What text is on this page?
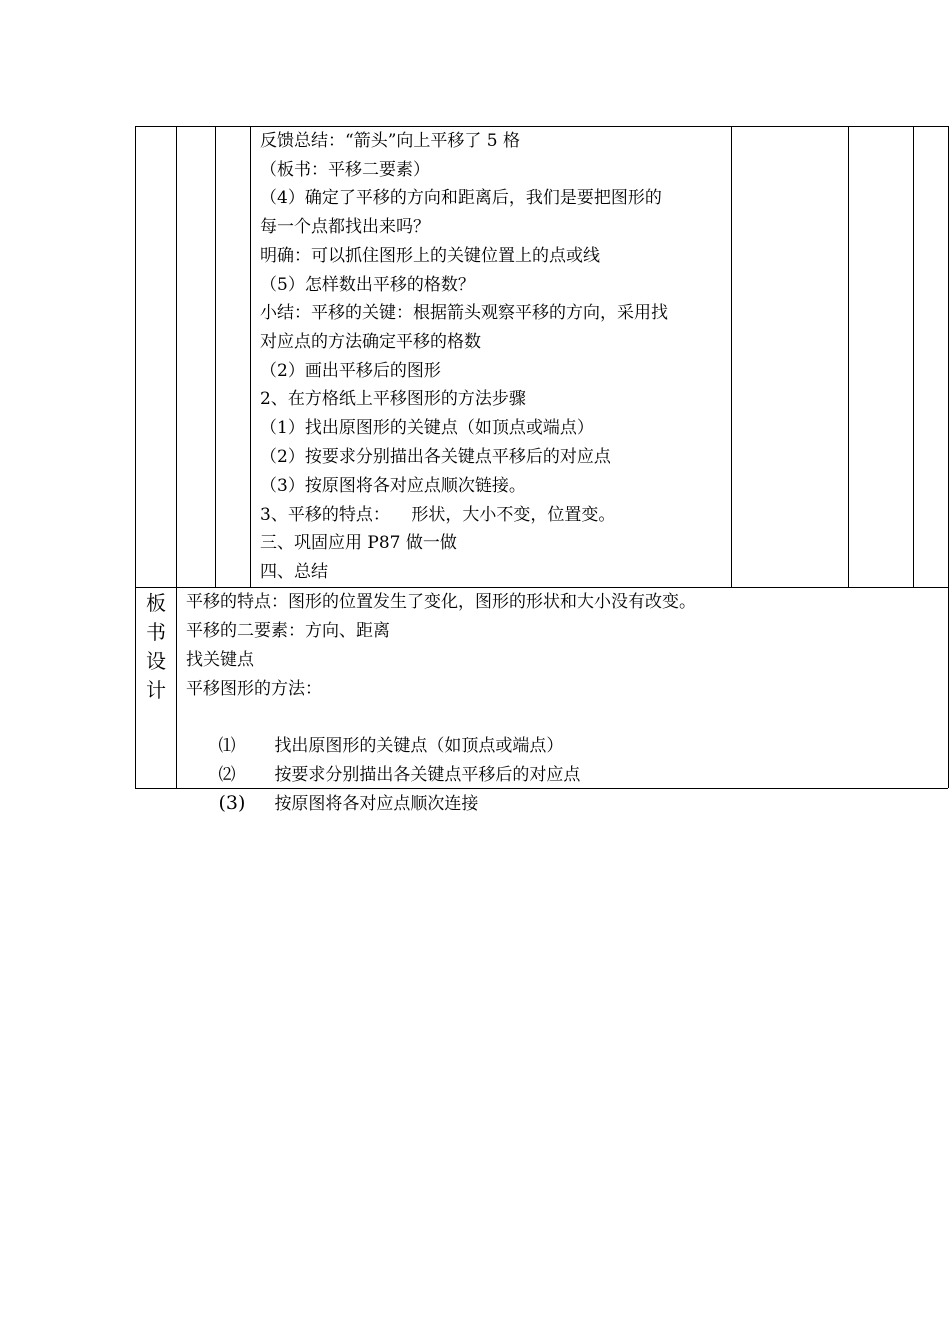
反馈总结：“箭头”向上平移了 5 格
（板书：平移二要素）
（4）确定了平移的方向和距离后，我们是要把图形的
每一个点都找出来吗？
明确：可以抓住图形上的关键位置上的点或线
（5）怎样数出平移的格数？
小结：平移的关键：根据箭头观察平移的方向，采用找
对应点的方法确定平移的格数
（2）画出平移后的图形
2、在方格纸上平移图形的方法步骤
（1）找出原图形的关键点（如顶点或端点）
（2）按要求分别描出各关键点平移后的对应点
（3）按原图将各对应点顺次链接。
3、平移的特点：    形状，大小不变，位置变。
三、巩固应用 P87 做一做
四、总结
板
书
设
计
平移的特点：图形的位置发生了变化，图形的形状和大小没有改变。
平移的二要素：方向、距离
找关键点
平移图形的方法：

⑴ 找出原图形的关键点（如顶点或端点）

⑵ 按要求分别描出各关键点平移后的对应点

(3) 按原图将各对应点顺次连接
